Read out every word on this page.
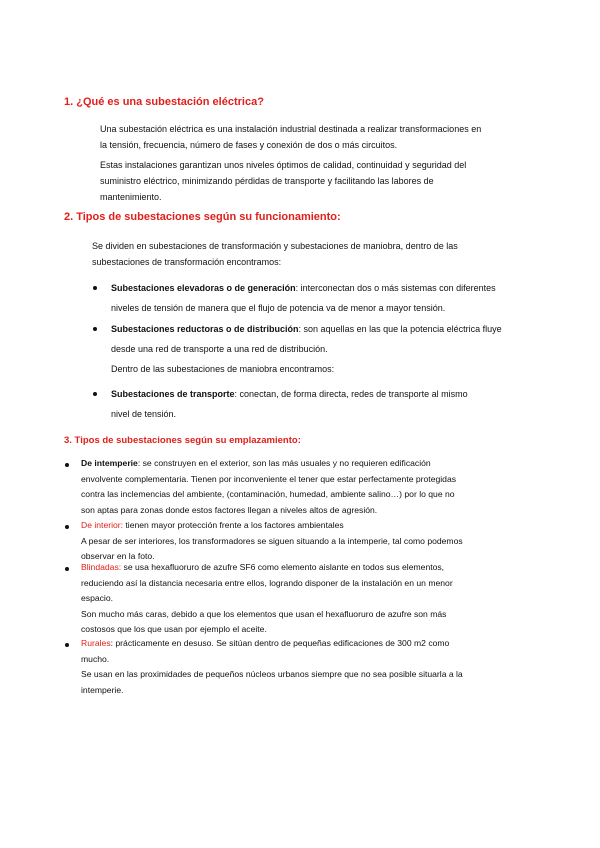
1. ¿Qué es una subestación eléctrica?
Una subestación eléctrica es una instalación industrial destinada a realizar transformaciones en
la tensión, frecuencia, número de fases y conexión de dos o más circuitos.
Estas instalaciones garantizan unos niveles óptimos de calidad, continuidad y seguridad del
suministro eléctrico, minimizando pérdidas de transporte y facilitando las labores de
mantenimiento.
2. Tipos de subestaciones según su funcionamiento:
Se dividen en subestaciones de transformación y subestaciones de maniobra, dentro de las
subestaciones de transformación encontramos:
Subestaciones elevadoras o de generación: interconectan dos o más sistemas con diferentes
niveles de tensión de manera que el flujo de potencia va de menor a mayor tensión.
Subestaciones reductoras o de distribución: son aquellas en las que la potencia eléctrica fluye
desde una red de transporte a una red de distribución.
Dentro de las subestaciones de maniobra encontramos:
Subestaciones de transporte: conectan, de forma directa, redes de transporte al mismo
nivel de tensión.
3. Tipos de subestaciones según su emplazamiento:
De intemperie: se construyen en el exterior, son las más usuales y no requieren edificación
envolvente complementaria. Tienen por inconveniente el tener que estar perfectamente protegidas
contra las inclemencias del ambiente, (contaminación, humedad, ambiente salino…) por lo que no
son aptas para zonas donde estos factores llegan a niveles altos de agresión.
De interior: tienen mayor protección frente a los factores ambientales
A pesar de ser interiores, los transformadores se siguen situando a la intemperie, tal como podemos
observar en la foto.
Blindadas: se usa hexafluoruro de azufre SF6 como elemento aislante en todos sus elementos,
reduciendo así la distancia necesaria entre ellos, logrando disponer de la instalación en un menor
espacio.
Son mucho más caras, debido a que los elementos que usan el hexafluoruro de azufre son más
costosos que los que usan por ejemplo el aceite.
Rurales: prácticamente en desuso. Se sitúan dentro de pequeñas edificaciones de 300 m2 como
mucho.
Se usan en las proximidades de pequeños núcleos urbanos siempre que no sea posible situarla a la
intemperie.
